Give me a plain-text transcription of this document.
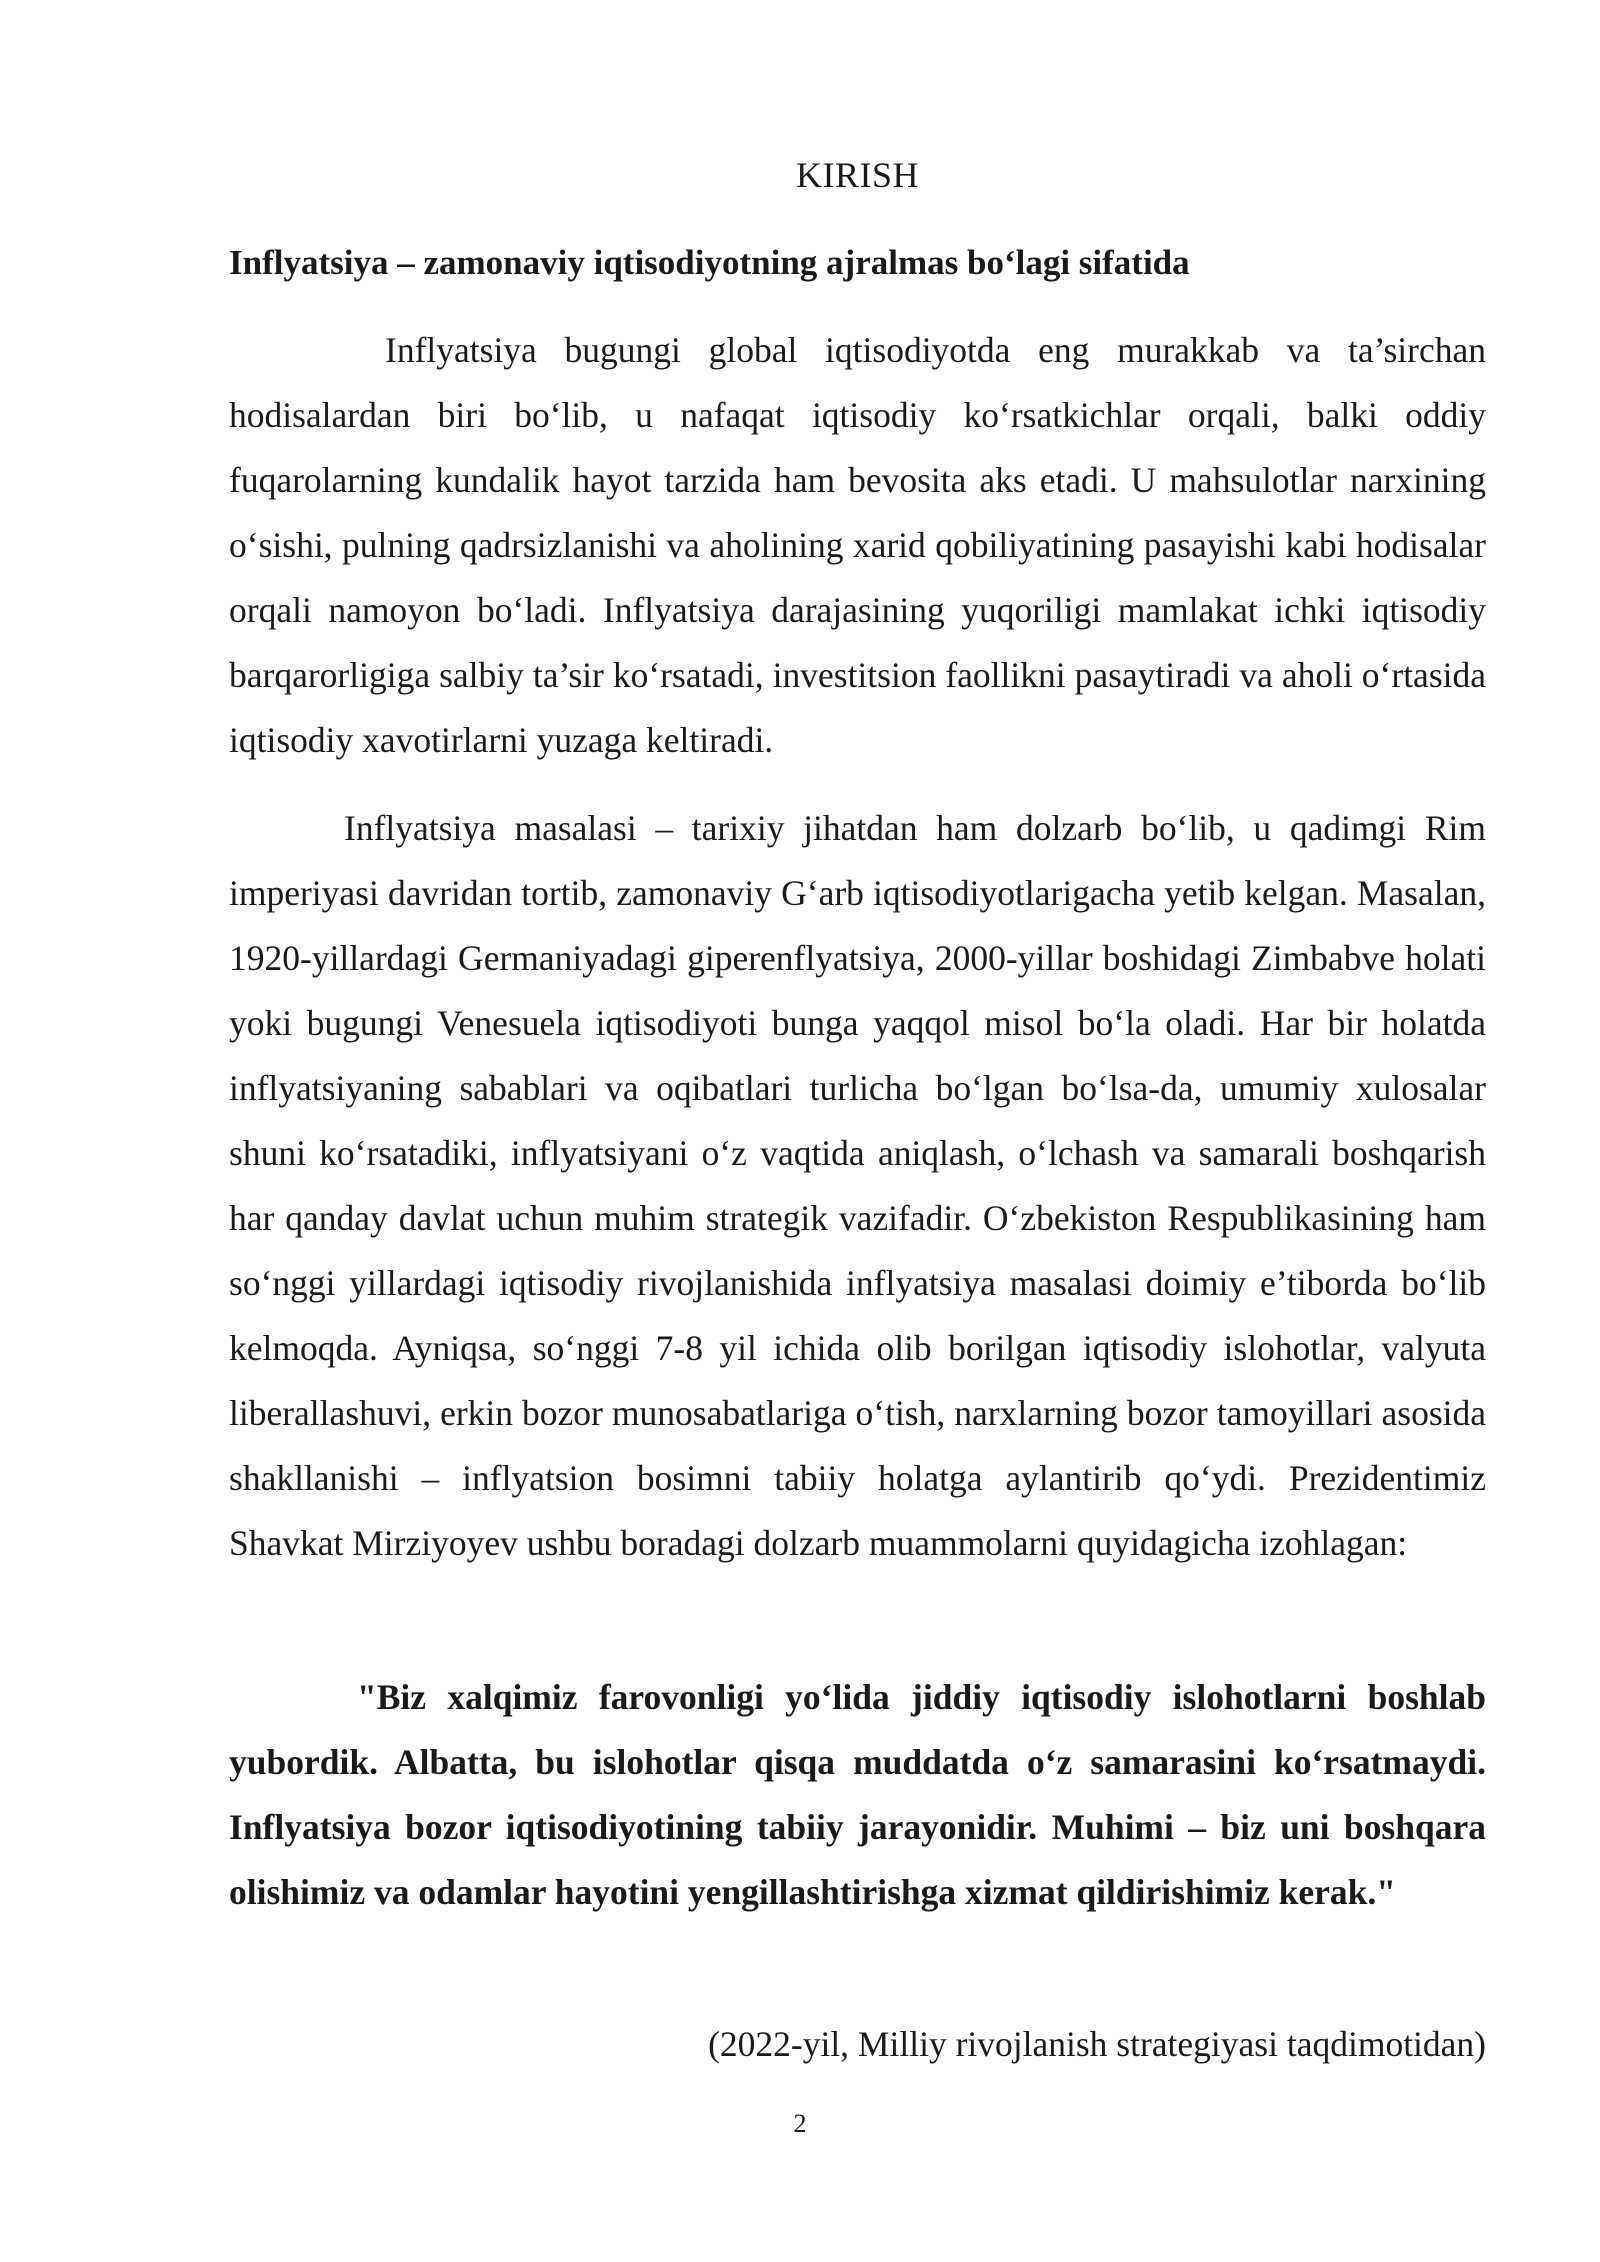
KIRISH
Inflyatsiya – zamonaviy iqtisodiyotning ajralmas bo‘lagi sifatida

Inflyatsiya bugungi global iqtisodiyotda eng murakkab va ta’sirchan hodisalardan biri bo‘lib, u nafaqat iqtisodiy ko‘rsatkichlar orqali, balki oddiy fuqarolarning kundalik hayot tarzida ham bevosita aks etadi. U mahsulotlar narxining o‘sishi, pulning qadrsizlanishi va aholining xarid qobiliyatining pasayishi kabi hodisalar orqali namoyon bo‘ladi. Inflyatsiya darajasining yuqoriligi mamlakat ichki iqtisodiy barqarorligiga salbiy ta’sir ko‘rsatadi, investitsion faollikni pasaytiradi va aholi o‘rtasida iqtisodiy xavotirlarni yuzaga keltiradi.

Inflyatsiya masalasi – tarixiy jihatdan ham dolzarb bo‘lib, u qadimgi Rim imperiyasi davridan tortib, zamonaviy G‘arb iqtisodiyotlarigacha yetib kelgan. Masalan, 1920-yillardagi Germaniyadagi giperenflyatsiya, 2000-yillar boshidagi Zimbabve holati yoki bugungi Venesuela iqtisodiyoti bunga yaqqol misol bo‘la oladi. Har bir holatda inflyatsiyaning sabablari va oqibatlari turlicha bo‘lgan bo‘lsa-da, umumiy xulosalar shuni ko‘rsatadiki, inflyatsiyani o‘z vaqtida aniqlash, o‘lchash va samarali boshqarish har qanday davlat uchun muhim strategik vazifadir. O‘zbekiston Respublikasining ham so‘nggi yillardagi iqtisodiy rivojlanishida inflyatsiya masalasi doimiy e’tiborda bo‘lib kelmoqda. Ayniqsa, so‘nggi 7-8 yil ichida olib borilgan iqtisodiy islohotlar, valyuta liberallashuvi, erkin bozor munosabatlariga o‘tish, narxlarning bozor tamoyillari asosida shakllanishi – inflyatsion bosimni tabiiy holatga aylantirib qo‘ydi. Prezidentimiz Shavkat Mirziyoyev ushbu boradagi dolzarb muammolarni quyidagicha izohlagan:

"Biz xalqimiz farovonligi yo‘lida jiddiy iqtisodiy islohotlarni boshlab yubordik. Albatta, bu islohotlar qisqa muddatda o‘z samarasini ko‘rsatmaydi. Inflyatsiya bozor iqtisodiyotining tabiiy jarayonidir. Muhimi – biz uni boshqara olishimiz va odamlar hayotini yengillashtirishga xizmat qildirishimiz kerak."

(2022-yil, Milliy rivojlanish strategiyasi taqdimotidan)
2
